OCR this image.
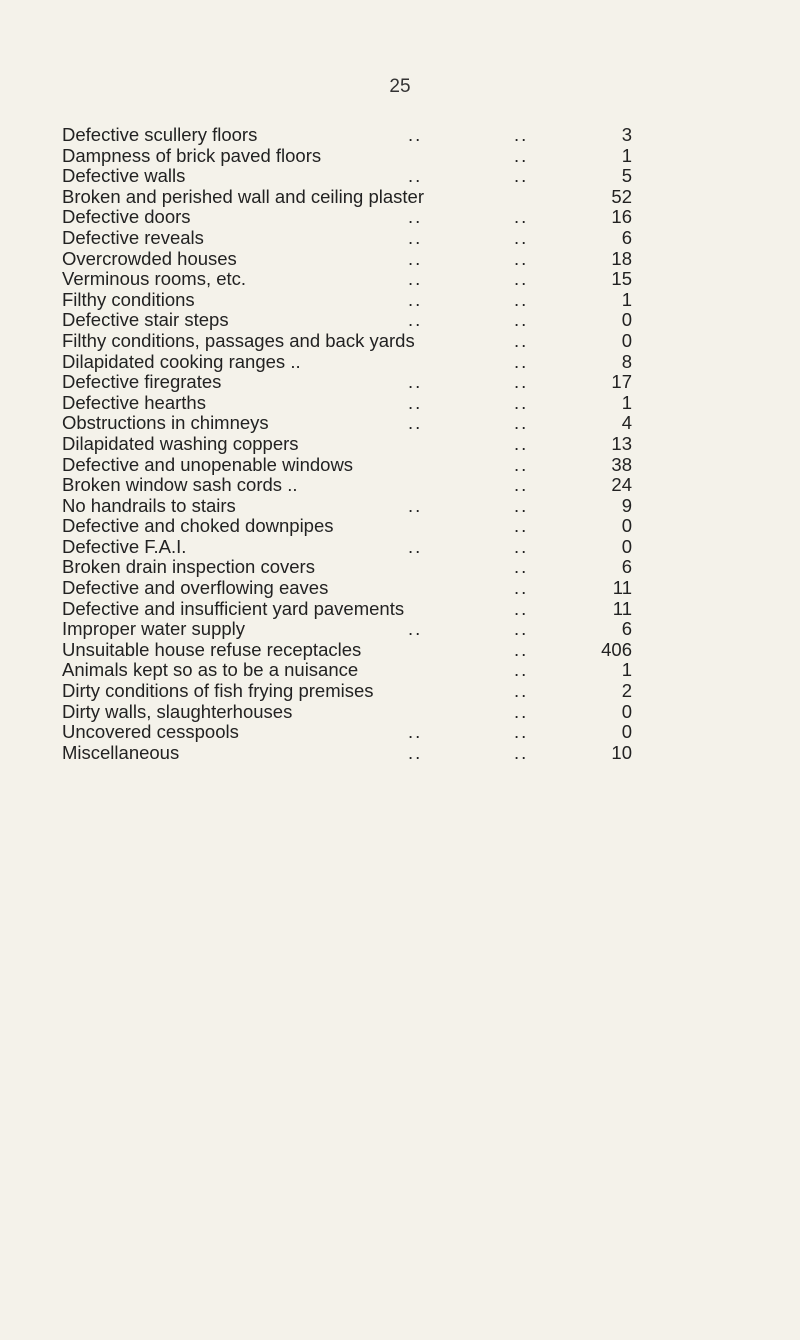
25
Defective scullery floors	..	..	3
Dampness of brick paved floors	..	1
Defective walls	..	..	5
Broken and perished wall and ceiling plaster	52
Defective doors	..	..	16
Defective reveals	..	..	6
Overcrowded houses	..	..	18
Verminous rooms, etc.	..	..	15
Filthy conditions	..	..	1
Defective stair steps	..	..	0
Filthy conditions, passages and back yards	..	0
Dilapidated cooking ranges ..	..	8
Defective firegrates	..	..	17
Defective hearths	..	..	1
Obstructions in chimneys	..	..	4
Dilapidated washing coppers	..	13
Defective and unopenable windows	..	38
Broken window sash cords ..	..	24
No handrails to stairs	..	..	9
Defective and choked downpipes	..	0
Defective F.A.I.	..	..	0
Broken drain inspection covers	..	6
Defective and overflowing eaves	..	11
Defective and insufficient yard pavements	..	11
Improper water supply	..	..	6
Unsuitable house refuse receptacles	..	406
Animals kept so as to be a nuisance	..	1
Dirty conditions of fish frying premises	..	2
Dirty walls, slaughterhouses	..	0
Uncovered cesspools	..	..	0
Miscellaneous	..	..	10
